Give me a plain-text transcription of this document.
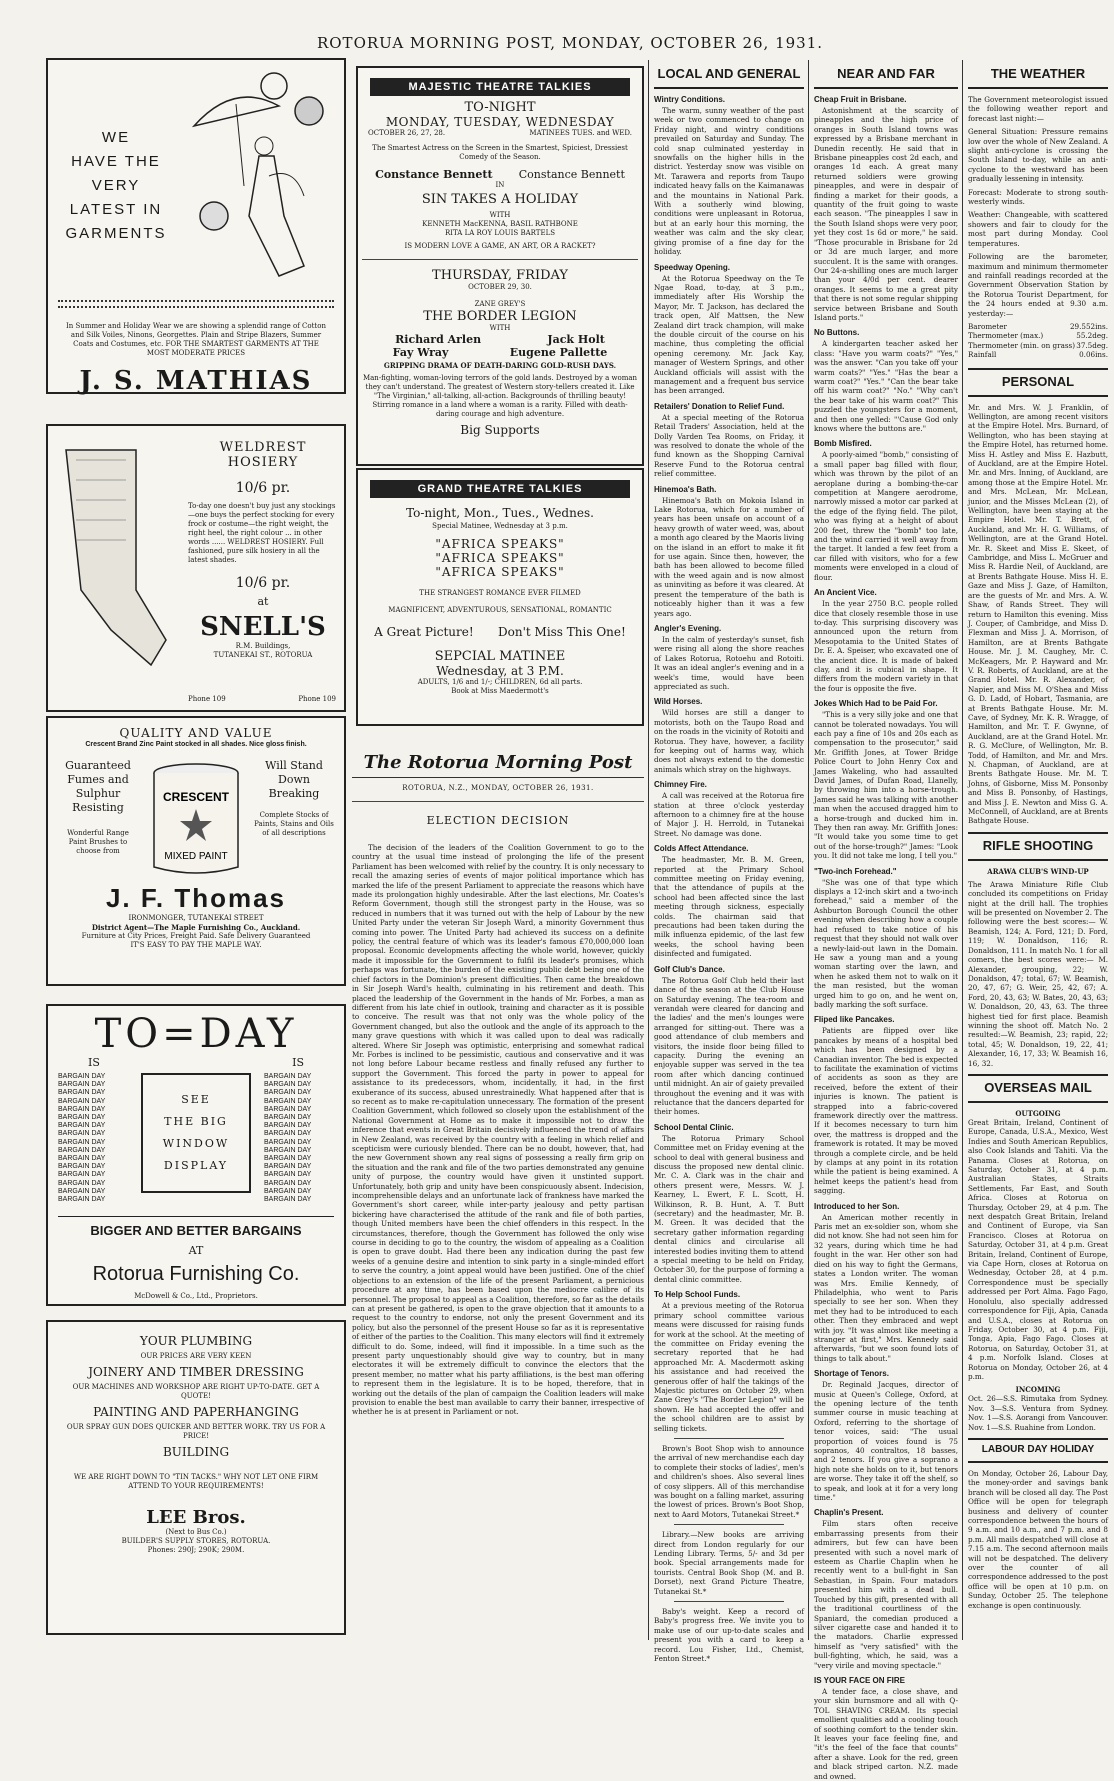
ROTORUA MORNING POST, MONDAY, OCTOBER 26, 1931.
WE
HAVE THE
VERY
LATEST IN
GARMENTS
In Summer and Holiday Wear we are showing a splendid range of Cotton and Silk Voiles, Ninons, Georgettes. Plain and Stripe Blazers, Summer Coats and Costumes, etc. FOR THE SMARTEST GARMENTS AT THE MOST MODERATE PRICES
J. S. MATHIAS
WELDREST
HOSIERY
10/6 pr.
To-day one doesn't buy just any stockings—one buys the perfect stocking for every frock or costume—the right weight, the right heel, the right colour ... in other words ...... WELDREST HOSIERY. Full fashioned, pure silk hosiery in all the latest shades.
10/6 pr.
at
SNELL'S
R.M. Buildings,
TUTANEKAI ST., ROTORUA
Phone 109	Phone 109
QUALITY AND VALUE
Crescent Brand Zinc Paint stocked in all shades. Nice gloss finish.
Guaranteed Fumes and Sulphur Resisting
Wonderful Range Paint Brushes to choose from
CRESCENT
MIXED PAINT
Will Stand Down Breaking
Complete Stocks of Paints, Stains and Oils of all descriptions
J. F. Thomas
IRONMONGER, TUTANEKAI STREET
District Agent—The Maple Furnishing Co., Auckland.
Furniture at City Prices, Freight Paid. Safe Delivery Guaranteed
IT'S EASY TO PAY THE MAPLE WAY.
TO=DAY
IS	IS
BARGAIN DAY
BARGAIN DAY
BARGAIN DAY
BARGAIN DAY
BARGAIN DAY
BARGAIN DAY
BARGAIN DAY
BARGAIN DAY
BARGAIN DAY
BARGAIN DAY
BARGAIN DAY
BARGAIN DAY
BARGAIN DAY
BARGAIN DAY
BARGAIN DAY
BARGAIN DAY
SEE
THE BIG
WINDOW
DISPLAY
BARGAIN DAY
BARGAIN DAY
BARGAIN DAY
BARGAIN DAY
BARGAIN DAY
BARGAIN DAY
BARGAIN DAY
BARGAIN DAY
BARGAIN DAY
BARGAIN DAY
BARGAIN DAY
BARGAIN DAY
BARGAIN DAY
BARGAIN DAY
BARGAIN DAY
BARGAIN DAY
BIGGER AND BETTER BARGAINS
AT
Rotorua Furnishing Co.
McDowell & Co., Ltd., Proprietors.
YOUR PLUMBING
OUR PRICES ARE VERY KEEN
JOINERY AND TIMBER DRESSING
OUR MACHINES AND WORKSHOP ARE RIGHT UP-TO-DATE. GET A QUOTE!
PAINTING AND PAPERHANGING
OUR SPRAY GUN DOES QUICKER AND BETTER WORK. TRY US FOR A PRICE!
BUILDING
WE ARE RIGHT DOWN TO "TIN TACKS." WHY NOT LET ONE FIRM ATTEND TO YOUR REQUIREMENTS!
LEE Bros.
(Next to Bus Co.)
BUILDER'S SUPPLY STORES, ROTORUA.
Phones: 290J; 290K; 290M.
MAJESTIC THEATRE TALKIES
TO-NIGHT
MONDAY, TUESDAY, WEDNESDAY
OCTOBER 26, 27, 28.	MATINEES TUES. and WED.
The Smartest Actress on the Screen in the Smartest, Spiciest, Dressiest Comedy of the Season.
Constance Bennett Constance Bennett
IN
SIN TAKES A HOLIDAY
WITH
KENNETH MacKENNA, BASIL RATHBONE
RITA LA ROY LOUIS BARTELS
IS MODERN LOVE A GAME, AN ART, OR A RACKET?
THURSDAY, FRIDAY
OCTOBER 29, 30.
ZANE GREY'S
THE BORDER LEGION
WITH
Richard Arlen	Jack Holt
Fay Wray	Eugene Pallette
GRIPPING DRAMA OF DEATH-DARING GOLD-RUSH DAYS.
Man-fighting, woman-loving terrors of the gold lands. Destroyed by a woman they can't understand. The greatest of Western story-tellers created it. Like "The Virginian," all-talking, all-action. Backgrounds of thrilling beauty! Stirring romance in a land where a woman is a rarity. Filled with death-daring courage and high adventure.
Big Supports
GRAND THEATRE TALKIES
To-night, Mon., Tues., Wednes.
Special Matinee, Wednesday at 3 p.m.
"AFRICA SPEAKS"
"AFRICA SPEAKS"
"AFRICA SPEAKS"
THE STRANGEST ROMANCE EVER FILMED
MAGNIFICENT, ADVENTUROUS, SENSATIONAL, ROMANTIC
A Great Picture! Don't Miss This One!
SEPCIAL MATINEE
Wednesday, at 3 P.M.
ADULTS, 1/6 and 1/-; CHILDREN, 6d all parts.
Book at Miss Maedermott's
The Rotorua Morning Post
ROTORUA, N.Z., MONDAY, OCTOBER 26, 1931.
ELECTION DECISION
The decision of the leaders of the Coalition Government to go to the country at the usual time instead of prolonging the life of the present Parliament has been welcomed with relief by the country. It is only necessary to recall the amazing series of events of major political importance which has marked the life of the present Parliament to appreciate the reasons which have made its prolongation highly undesirable. After the last elections, Mr. Coates's Reform Government, though still the strongest party in the House, was so reduced in numbers that it was turned out with the help of Labour by the new United Party under the veteran Sir Joseph Ward, a minority Government thus coming into power. The United Party had achieved its success on a definite policy, the central feature of which was its leader's famous £70,000,000 loan proposal. Economic developments affecting the whole world, however, quickly made it impossible for the Government to fulfil its leader's promises, which perhaps was fortunate, the burden of the existing public debt being one of the chief factors in the Dominion's present difficulties. Then came the breakdown in Sir Joseph Ward's health, culminating in his retirement and death. This placed the leadership of the Government in the hands of Mr. Forbes, a man as different from his late chief in outlook, training and character as it is possible to conceive. The result was that not only was the whole policy of the Government changed, but also the outlook and the angle of its approach to the many grave questions with which it was called upon to deal was radically altered. Where Sir Joseph was optimistic, enterprising and somewhat radical Mr. Forbes is inclined to be pessimistic, cautious and conservative and it was not long before Labour became restless and finally refused any further to support the Government. This forced the party in power to appeal for assistance to its predecessors, whom, incidentally, it had, in the first exuberance of its success, abused unrestrainedly. What happened after that is so recent as to make re-capitulation unnecessary. The formation of the present Coalition Government, which followed so closely upon the establishment of the National Government at Home as to make it impossible not to draw the inference that events in Great Britain decisively influenced the trend of affairs in New Zealand, was received by the country with a feeling in which relief and scepticism were curiously blended. There can be no doubt, however, that, had the new Government shown any real signs of possessing a really firm grip on the situation and the rank and file of the two parties demonstrated any genuine unity of purpose, the country would have given it unstinted support. Unfortunately, both grip and unity have been conspicuously absent. Indecision, incomprehensible delays and an unfortunate lack of frankness have marked the Government's short career, while inter-party jealousy and petty partisan bickering have characterised the attitude of the rank and file of both parties, though United members have been the chief offenders in this respect. In the circumstances, therefore, though the Government has followed the only wise course in deciding to go to the country, the wisdom of appealing as a Coalition is open to grave doubt. Had there been any indication during the past few weeks of a genuine desire and intention to sink party in a single-minded effort to serve the country, a joint appeal would have been justified. One of the chief objections to an extension of the life of the present Parliament, a pernicious procedure at any time, has been based upon the mediocre calibre of its personnel. The proposal to appeal as a Coalition, therefore, so far as the details can at present be gathered, is open to the grave objection that it amounts to a request to the country to endorse, not only the present Government and its policy, but also the personnel of the present House so far as it is representative of either of the parties to the Coalition. This many electors will find it extremely difficult to do. Some, indeed, will find it impossible. In a time such as the present party unquestionably should give way to country, but in many electorates it will be extremely difficult to convince the electors that the present member, no matter what his party affiliations, is the best man offering to represent them in the legislature. It is to be hoped, therefore, that in working out the details of the plan of campaign the Coalition leaders will make provision to enable the best man available to carry their banner, irrespective of whether he is at present in Parliament or not.
LOCAL AND GENERAL
Wintry Conditions.
The warm, sunny weather of the past week or two commenced to change on Friday night, and wintry conditions prevailed on Saturday and Sunday. The cold snap culminated yesterday in snowfalls on the higher hills in the district. Yesterday snow was visible on Mt. Tarawera and reports from Taupo indicated heavy falls on the Kaimanawas and the mountains in National Park. With a southerly wind blowing, conditions were unpleasant in Rotorua, but at an early hour this morning, the weather was calm and the sky clear, giving promise of a fine day for the holiday.
Speedway Opening.
At the Rotorua Speedway on the Te Ngae Road, to-day, at 3 p.m., immediately after His Worship the Mayor, Mr. T. Jackson, has declared the track open, Alf Mattsen, the New Zealand dirt track champion, will make the double circuit of the course on his machine, thus completing the official opening ceremony. Mr. Jack Kay, manager of Western Springs, and other Auckland officials will assist with the management and a frequent bus service has been arranged.
Retailers' Donation to Relief Fund.
At a special meeting of the Rotorua Retail Traders' Association, held at the Dolly Varden Tea Rooms, on Friday, it was resolved to donate the whole of the fund known as the Shopping Carnival Reserve Fund to the Rotorua central relief committee.
Hinemoa's Bath.
Hinemoa's Bath on Mokoia Island in Lake Rotorua, which for a number of years has been unsafe on account of a heavy growth of water weed, was, about a month ago cleared by the Maoris living on the island in an effort to make it fit for use again. Since then, however, the bath has been allowed to become filled with the weed again and is now almost as uninviting as before it was cleared. At present the temperature of the bath is noticeably higher than it was a few years ago.
Angler's Evening.
In the calm of yesterday's sunset, fish were rising all along the shore reaches of Lakes Rotorua, Rotoehu and Rotoiti. It was an ideal angler's evening and in a week's time, would have been appreciated as such.
Wild Horses.
Wild horses are still a danger to motorists, both on the Taupo Road and on the roads in the vicinity of Rotoiti and Rotorua. They have, however, a facility for keeping out of harms way, which does not always extend to the domestic animals which stray on the highways.
Chimney Fire.
A call was received at the Rotorua fire station at three o'clock yesterday afternoon to a chimney fire at the house of Major J. H. Herrold, in Tutanekai Street. No damage was done.
Colds Affect Attendance.
The headmaster, Mr. B. M. Green, reported at the Primary School committee meeting on Friday evening, that the attendance of pupils at the school had been affected since the last meeting through sickness, especially colds. The chairman said that precautions had been taken during the milk influenza epidemic, of the last few weeks, the school having been disinfected and fumigated.
Golf Club's Dance.
The Rotorua Golf Club held their last dance of the season at the Club House on Saturday evening. The tea-room and verandah were cleared for dancing and the ladies' and the men's lounges were arranged for sitting-out. There was a good attendance of club members and visitors, the inside floor being filled to capacity. During the evening an enjoyable supper was served in the tea room after which dancing continued until midnight. An air of gaiety prevailed throughout the evening and it was with reluctance that the dancers departed for their homes.
School Dental Clinic.
The Rotorua Primary School Committee met on Friday evening at the school to deal with general business and discuss the proposed new dental clinic. Mr. C. A. Clark was in the chair and others present were, Messrs. W. J. Kearney, L. Ewert, F. L. Scott, H. Wilkinson, R. B. Hunt, A. T. Butt (secretary) and the headmaster, Mr. B. M. Green. It was decided that the secretary gather information regarding dental clinics and circularise all interested bodies inviting them to attend a special meeting to be held on Friday, October 30, for the purpose of forming a dental clinic committee.
To Help School Funds.
At a previous meeting of the Rotorua primary school committee various means were discussed for raising funds for work at the school. At the meeting of the committee on Friday evening the secretary reported that he had approached Mr. A. Macdermott asking his assistance and had received the generous offer of half the takings of the Majestic pictures on October 29, when Zane Grey's "The Border Legion" will be shown. He had accepted the offer and the school children are to assist by selling tickets.
Brown's Boot Shop wish to announce the arrival of new merchandise each day to complete their stocks of ladies', men's and children's shoes. Also several lines of cosy slippers. All of this merchandise was bought on a falling market, assuring the lowest of prices. Brown's Boot Shop, next to Aard Motors, Tutanekai Street.*
Library.—New books are arriving direct from London regularly for our Lending Library. Terms, 5/- and 3d per book. Special arrangements made for tourists. Central Book Shop (M. and B. Dorset), next Grand Picture Theatre, Tutanekai St.*
Baby's weight. Keep a record of Baby's progress free. We invite you to make use of our up-to-date scales and present you with a card to keep a record. Lou Fisher, Ltd., Chemist, Fenton Street.*
NEAR AND FAR
Cheap Fruit in Brisbane.
Astonishment at the scarcity of pineapples and the high price of oranges in South Island towns was expressed by a Brisbane merchant in Dunedin recently. He said that in Brisbane pineapples cost 2d each, and oranges 1d each. A great many returned soldiers were growing pineapples, and were in despair of finding a market for their goods, a quantity of the fruit going to waste each season. "The pineapples I saw in the South Island shops were very poor, yet they cost 1s 6d or more," he said. "Those procurable in Brisbane for 2d or 3d are much larger, and more succulent. It is the same with oranges. Our 24-a-shilling ones are much larger than your 4/0d per cent. dearer oranges. It seems to me a great pity that there is not some regular shipping service between Brisbane and South Island ports."
No Buttons.
A kindergarten teacher asked her class: "Have you warm coats?" "Yes," was the answer. "Can you take off your warm coats?" "Yes." "Has the bear a warm coat?" "Yes." "Can the bear take off his warm coat?" "No." "Why can't the bear take of his warm coat?" This puzzled the youngsters for a moment, and then one yelled: "'Cause God only knows where the buttons are."
Bomb Misfired.
A poorly-aimed "bomb," consisting of a small paper bag filled with flour, which was thrown by the pilot of an aeroplane during a bombing-the-car competition at Mangere aerodrome, narrowly missed a motor car parked at the edge of the flying field. The pilot, who was flying at a height of about 200 feet, threw the "bomb" too late, and the wind carried it well away from the target. It landed a few feet from a car filled with visitors, who for a few moments were enveloped in a cloud of flour.
An Ancient Vice.
In the year 2750 B.C. people rolled dice that closely resemble those in use to-day. This surprising discovery was announced upon the return from Mesopotamia to the United States of Dr. E. A. Speiser, who excavated one of the ancient dice. It is made of baked clay, and it is cubical in shape. It differs from the modern variety in that the four is opposite the five.
Jokes Which Had to be Paid For.
"This is a very silly joke and one that cannot be tolerated nowadays. You will each pay a fine of 10s and 20s each as compensation to the prosecutor," said Mr. Griffith Jones, at Tower Bridge Police Court to John Henry Cox and James Wakeling, who had assaulted David James, of Dufan Road, Llanelly, by throwing him into a horse-trough. James said he was talking with another man when the accused dragged him to a horse-trough and ducked him in. They then ran away. Mr. Griffith Jones: "It would take you some time to get out of the horse-trough?" James: "Look you. It did not take me long, I tell you."
"Two-inch Forehead."
"She was one of that type which displays a 12-inch skirt and a two-inch forehead," said a member of the Ashburton Borough Council the other evening when describing how a couple had refused to take notice of his request that they should not walk over a newly-laid-out lawn in the Domain. He saw a young man and a young woman starting over the lawn, and when he asked them not to walk on it the man resisted, but the woman urged him to go on, and he went on, badly marking the soft surface.
Fliped like Pancakes.
Patients are flipped over like pancakes by means of a hospital bed which has been designed by a Canadian inventor. The bed is expected to facilitate the examination of victims of accidents as soon as they are received, before the extent of their injuries is known. The patient is strapped into a fabric-covered framework directly over the mattress. If it becomes necessary to turn him over, the mattress is dropped and the framework is rotated. It may be moved through a complete circle, and be held by clamps at any point in its rotation while the patient is being examined. A helmet keeps the patient's head from sagging.
Introduced to her Son.
An American mother recently in Paris met an ex-soldier son, whom she did not know. She had not seen him for 32 years, during which time he had fought in the war. Her other son had died on his way to fight the Germans, states a London writer. The woman was Mrs. Emilie Kennedy, of Philadelphia, who went to Paris specially to see her son. When they met they had to be introduced to each other. Then they embraced and wept with joy. "It was almost like meeting a stranger at first," Mrs. Kennedy said afterwards, "but we soon found lots of things to talk about."
Shortage of Tenors.
Dr. Reginald Jacques, director of music at Queen's College, Oxford, at the opening lecture of the tenth summer course in music teaching at Oxford, referring to the shortage of tenor voices, said: "The usual proportion of voices found is 75 sopranos, 40 contraltos, 18 basses, and 2 tenors. If you give a soprano a high note she holds on to it, but tenors are worse. They take it off the shelf, so to speak, and look at it for a very long time."
Chaplin's Present.
Film stars often receive embarrassing presents from their admirers, but few can have been presented with such a novel mark of esteem as Charlie Chaplin when he recently went to a bull-fight in San Sebastian, in Spain. Four matadors presented him with a dead bull. Touched by this gift, presented with all the traditional courtliness of the Spaniard, the comedian produced a silver cigarette case and handed it to the matadors. Charlie expressed himself as "very satisfied" with the bull-fighting, which, he said, was a "very virile and moving spectacle."
IS YOUR FACE ON FIRE
A tender face, a close shave, and your skin burnsmore and all with Q-TOL SHAVING CREAM. Its special emollient qualities add a cooling touch of soothing comfort to the tender skin. It leaves your face feeling fine, and "it's the feel of the face that counts" after a shave. Look for the red, green and black striped carton. N.Z. made and owned.
THE WEATHER
The Government meteorologist issued the following weather report and forecast last night:—
General Situation: Pressure remains low over the whole of New Zealand. A slight anti-cyclone is crossing the South Island to-day, while an anti-cyclone to the westward has been gradually lessening in intensity.
Forecast: Moderate to strong south-westerly winds.
Weather: Changeable, with scattered showers and fair to cloudy for the most part during Monday. Cool temperatures.
Following are the barometer, maximum and minimum thermometer and rainfall readings recorded at the Government Observation Station by the Rotorua Tourist Department, for the 24 hours ended at 9.30 a.m. yesterday:—
Barometer	29.552ins.
Thermometer (max.)	55.2deg.
Thermometer (min. on grass) 37.5deg.
Rainfall	0.06ins.
PERSONAL
Mr. and Mrs. W. J. Franklin, of Wellington, are among recent visitors at the Empire Hotel. Mrs. Burnard, of Wellington, who has been staying at the Empire Hotel, has returned home. Miss H. Astley and Miss E. Hazbutt, of Auckland, are at the Empire Hotel. Mr. and Mrs. Inning, of Auckland, are among those at the Empire Hotel. Mr. and Mrs. McLean, Mr. McLean, junior, and the Misses McLean (2), of Wellington, have been staying at the Empire Hotel. Mr. T. Brett, of Auckland, and Mr. H. G. Williams, of Wellington, are at the Grand Hotel. Mr. R. Skeet and Miss E. Skeet, of Cambridge, and Miss L. McGruer and Miss R. Hardie Neil, of Auckland, are at Brents Bathgate House. Miss H. E. Gaze and Miss J. Gaze, of Hamilton, are the guests of Mr. and Mrs. A. W. Shaw, of Rands Street. They will return to Hamilton this evening. Miss J. Couper, of Cambridge, and Miss D. Flexman and Miss J. A. Morrison, of Hamilton, are at Brents Bathgate House. Mr. J. M. Caughey, Mr. C. McKeagers, Mr. P. Hayward and Mr. V. R. Roberts, of Auckland, are at the Grand Hotel. Mr. R. Alexander, of Napier, and Miss M. O'Shea and Miss G. D. Ladd, of Hobart, Tasmania, are at Brents Bathgate House. Mr. M. Cave, of Sydney, Mr. K. R. Wragge, of Hamilton, and Mr. T. F. Gwynne, of Auckland, are at the Grand Hotel. Mr. R. G. McClure, of Wellington, Mr. B. Todd, of Hamilton, and Mr. and Mrs. N. Chapman, of Auckland, are at Brents Bathgate House. Mr. M. T. Johns, of Gisborne, Miss M. Ponsonby and Miss B. Ponsonby, of Hastings, and Miss J. E. Newton and Miss G. A. McConnell, of Auckland, are at Brents Bathgate House.
RIFLE SHOOTING
ARAWA CLUB'S WIND-UP
The Arawa Miniature Rifle Club concluded its competitions on Friday night at the drill hall. The trophies will be presented on November 2. The following were the best scores:— W. Beamish, 124; A. Ford, 121; D. Ford, 119; W. Donaldson, 116; R. Donaldson, 111. In match No. 1 for all comers, the best scores were:— M. Alexander, grouping, 22; W. Donaldson, 47; total, 67; W. Beamish, 20, 47, 67; G. Weir, 25, 42, 67; A. Ford, 20, 43, 63; W. Bates, 20, 43, 63; W. Donaldson, 20, 43, 63. The three highest tied for first place. Beamish winning the shoot off. Match No. 2 resulted:—W. Beamish, 23; rapid, 22; total, 45; W. Donaldson, 19, 22, 41; Alexander, 16, 17, 33; W. Beamish 16, 16, 32.
OVERSEAS MAIL
OUTGOING
Great Britain, Ireland, Continent of Europe, Canada, U.S.A., Mexico, West Indies and South American Republics, also Cook Islands and Tahiti. Via the Panama. Closes at Rotorua, on Saturday, October 31, at 4 p.m. Australian States, Straits Settlements, Far East, and South Africa. Closes at Rotorua on Thursday, October 29, at 4 p.m. The next despatch Great Britain, Ireland and Continent of Europe, via San Francisco. Closes at Rotorua on Saturday, October 31, at 4 p.m. Great Britain, Ireland, Continent of Europe, via Cape Horn, closes at Rotorua on Wednesday, October 28, at 4 p.m. Correspondence must be specially addressed per Port Alma. Fago Fago, Honolulu, also specially addressed correspondence for Fiji, Apia, Canada and U.S.A., closes at Rotorua on Friday, October 30, at 4 p.m. Fiji, Tonga, Apia, Fago Fago. Closes at Rotorua, on Saturday, October 31, at 4 p.m. Norfolk Island. Closes at Rotorua on Monday, October 26, at 4 p.m.
INCOMING
Oct. 26—S.S. Rimutaka from Sydney. Nov. 3—S.S. Ventura from Sydney. Nov. 1—S.S. Aorangi from Vancouver. Nov. 1—S.S. Ruahine from London.
LABOUR DAY HOLIDAY
On Monday, October 26, Labour Day, the money-order and savings bank branch will be closed all day. The Post Office will be open for telegraph business and delivery of counter correspondence between the hours of 9 a.m. and 10 a.m., and 7 p.m. and 8 p.m. All mails despatched will close at 7.15 a.m. The second afternoon mails will not be despatched. The delivery over the counter of all correspondence addressed to the post office will be open at 10 p.m. on Sunday, October 25. The telephone exchange is open continuously.
